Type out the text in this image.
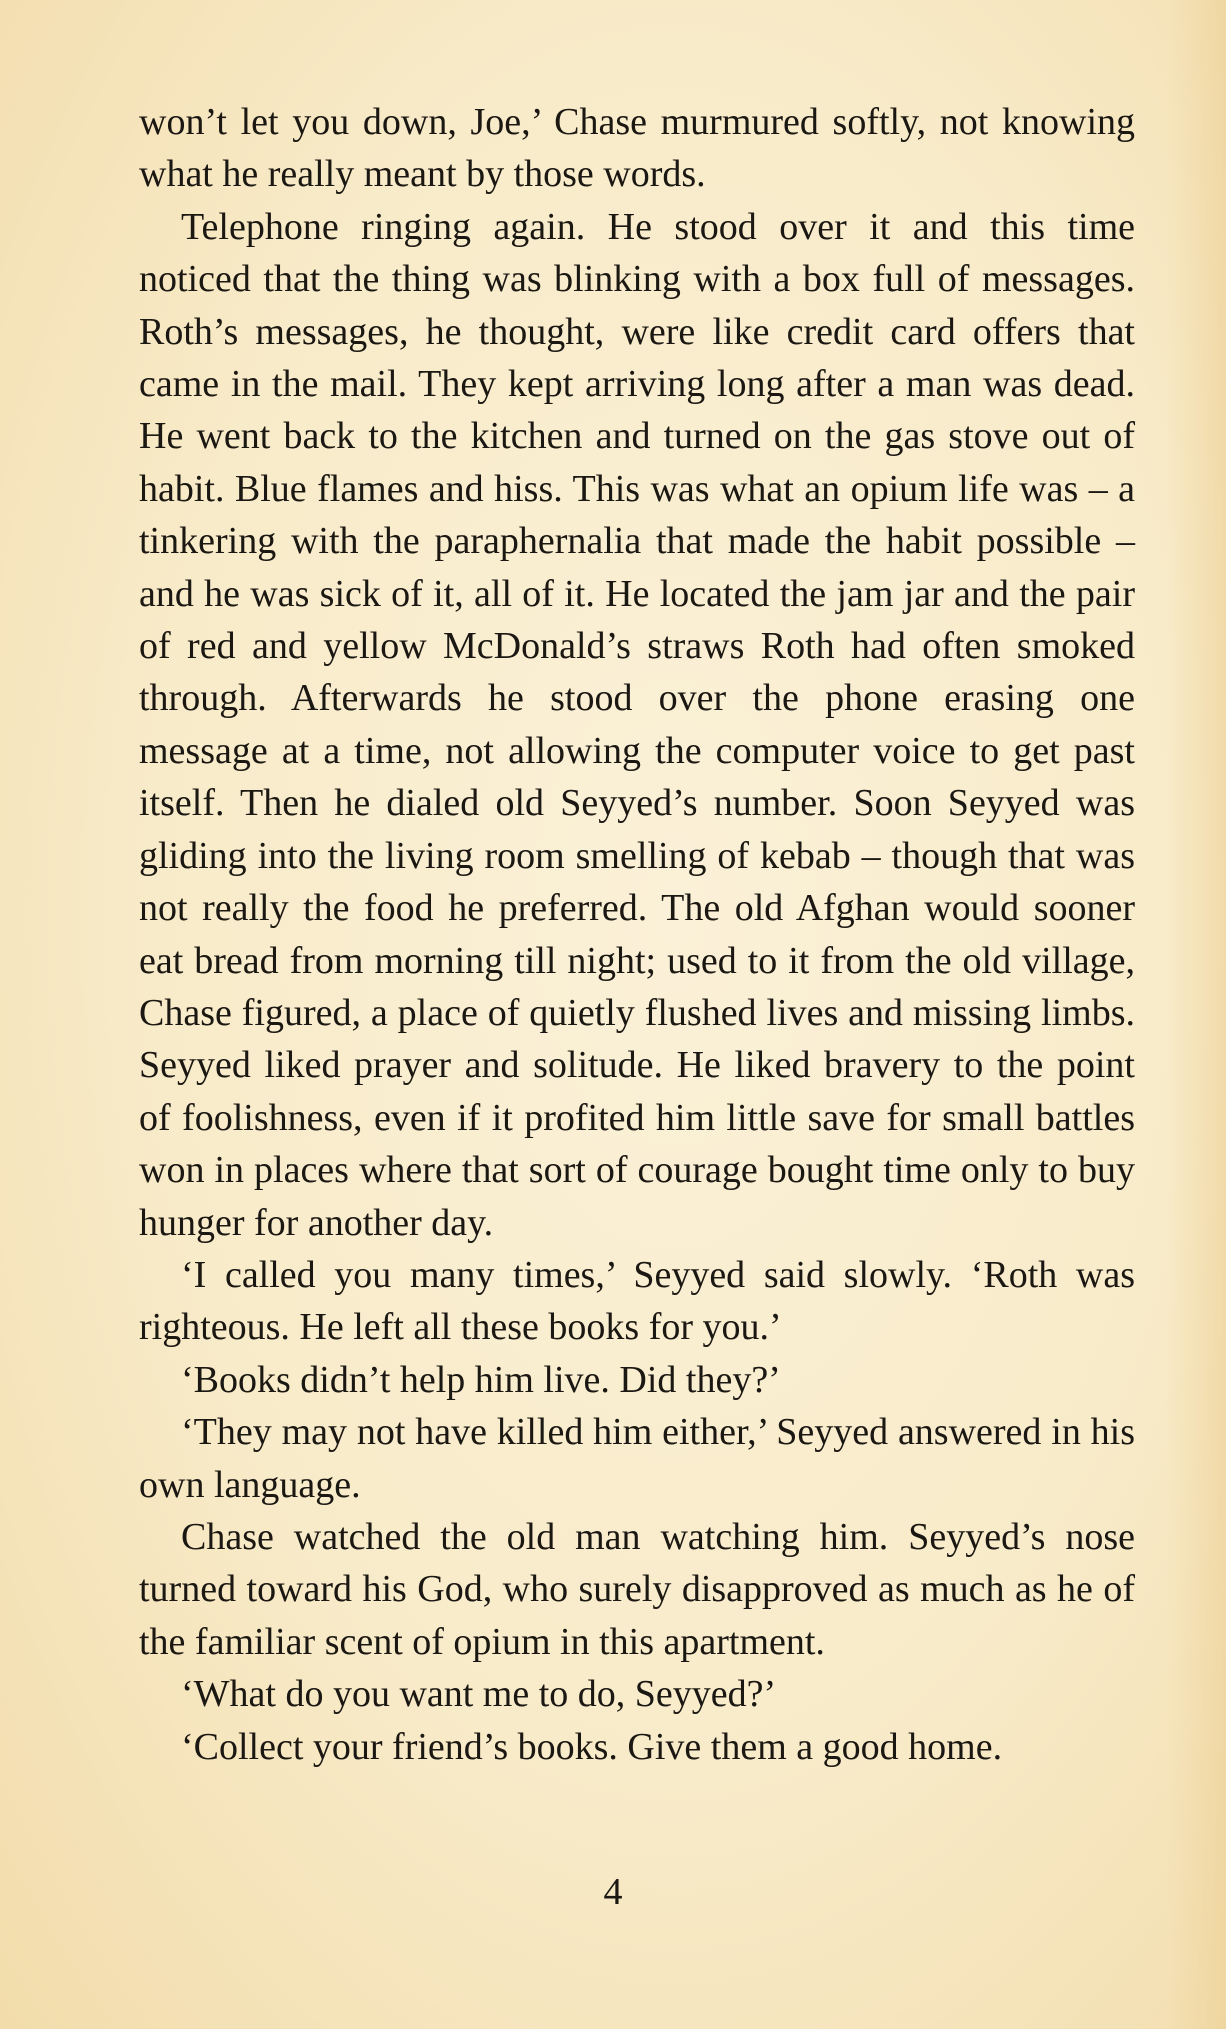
won’t let you down, Joe,’ Chase murmured softly, not knowing what he really meant by those words.

Telephone ringing again. He stood over it and this time noticed that the thing was blinking with a box full of messages. Roth’s messages, he thought, were like credit card offers that came in the mail. They kept arriving long after a man was dead. He went back to the kitchen and turned on the gas stove out of habit. Blue flames and hiss. This was what an opium life was – a tinkering with the paraphernalia that made the habit possible – and he was sick of it, all of it. He located the jam jar and the pair of red and yellow McDonald’s straws Roth had often smoked through. Afterwards he stood over the phone erasing one message at a time, not allowing the computer voice to get past itself. Then he dialed old Seyyed’s number. Soon Seyyed was gliding into the living room smelling of kebab – though that was not really the food he preferred. The old Afghan would sooner eat bread from morning till night; used to it from the old village, Chase figured, a place of quietly flushed lives and missing limbs. Seyyed liked prayer and solitude. He liked bravery to the point of foolishness, even if it profited him little save for small battles won in places where that sort of courage bought time only to buy hunger for another day.

‘I called you many times,’ Seyyed said slowly. ‘Roth was righteous. He left all these books for you.’

‘Books didn’t help him live. Did they?’

‘They may not have killed him either,’ Seyyed answered in his own language.

Chase watched the old man watching him. Seyyed’s nose turned toward his God, who surely disapproved as much as he of the familiar scent of opium in this apartment.

‘What do you want me to do, Seyyed?’

‘Collect your friend’s books. Give them a good home.

4
